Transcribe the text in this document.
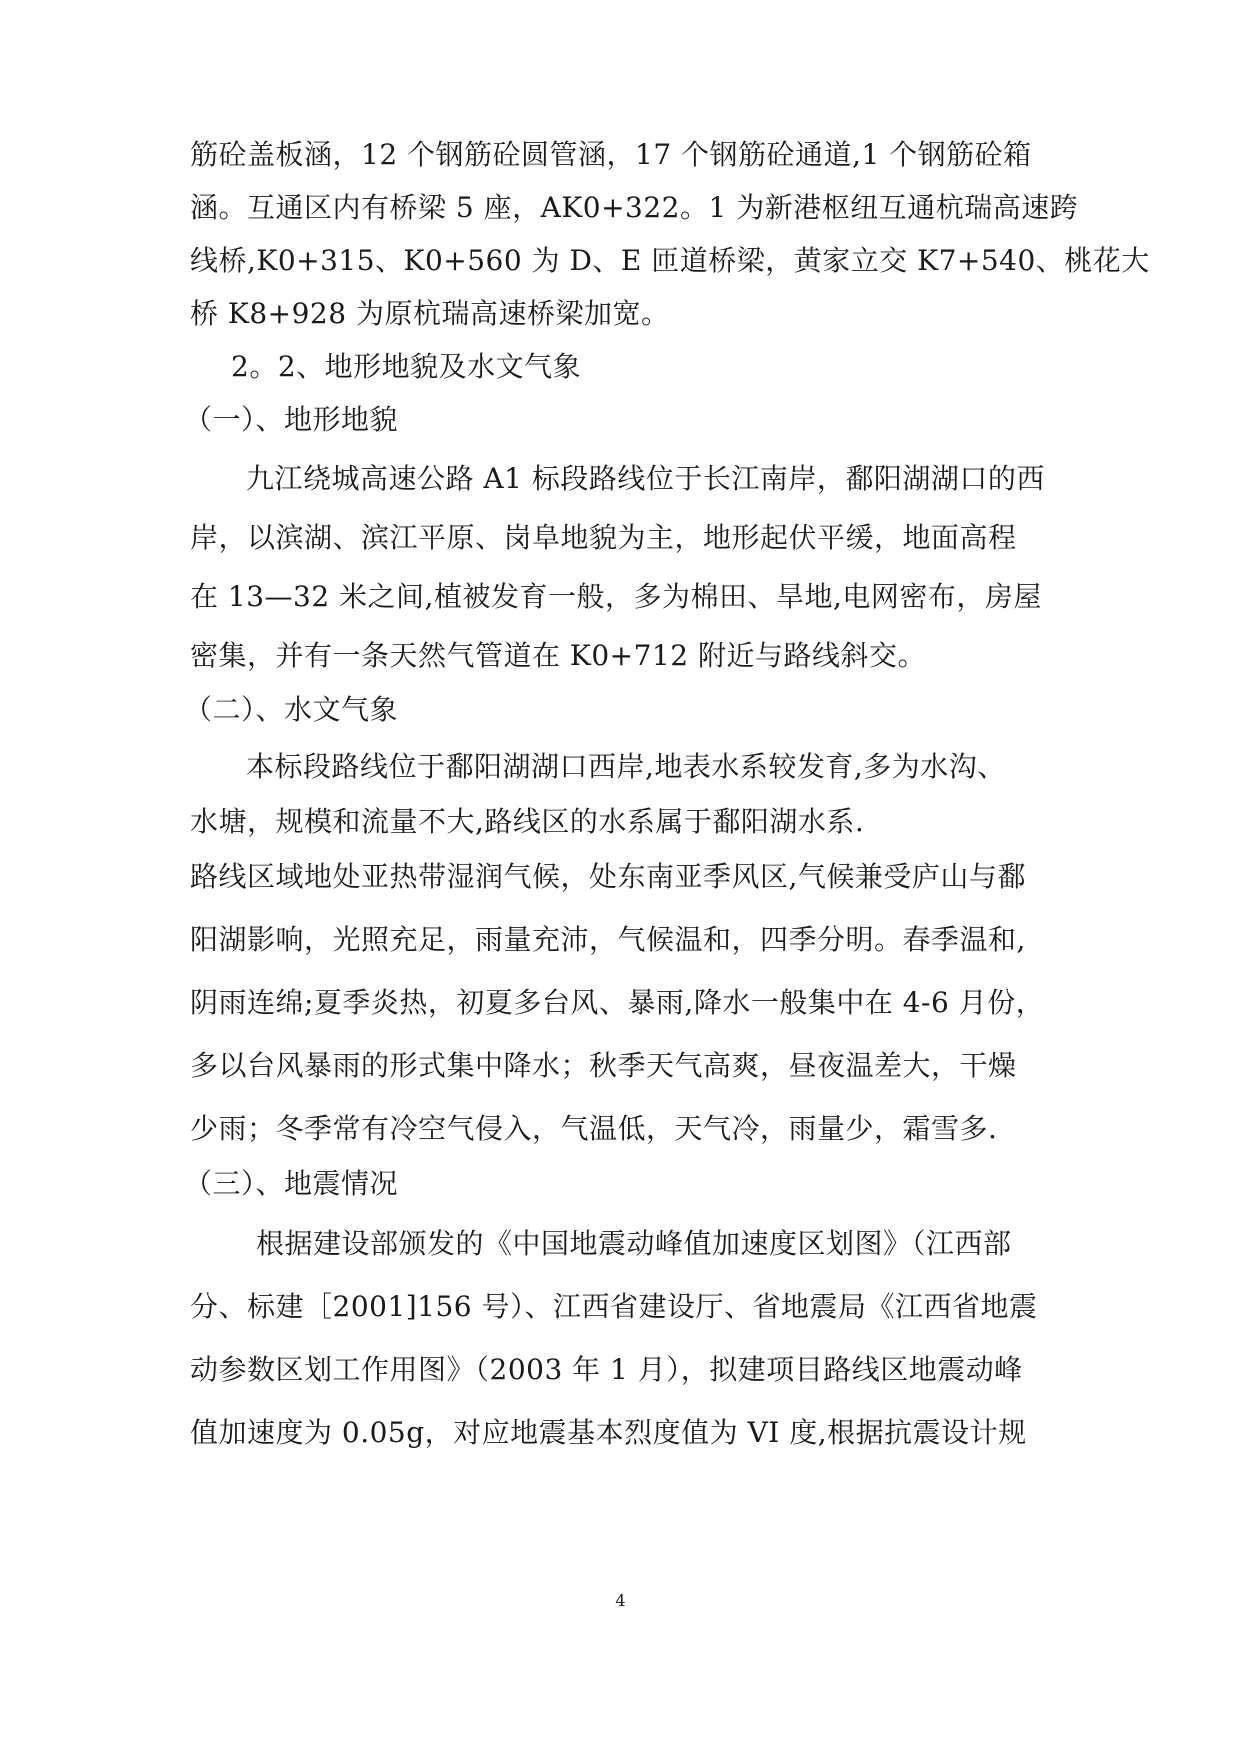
筋砼盖板涵，12 个钢筋砼圆管涵，17 个钢筋砼通道,1 个钢筋砼箱
涵。互通区内有桥梁 5 座，AK0+322。1 为新港枢纽互通杭瑞高速跨
线桥,K0+315、K0+560 为 D、E 匝道桥梁，黄家立交 K7+540、桃花大
桥 K8+928 为原杭瑞高速桥梁加宽。
2。2、地形地貌及水文气象
（一）、地形地貌
九江绕城高速公路 A1 标段路线位于长江南岸，鄱阳湖湖口的西
岸，以滨湖、滨江平原、岗阜地貌为主，地形起伏平缓，地面高程
在 13—32 米之间,植被发育一般，多为棉田、旱地,电网密布，房屋
密集，并有一条天然气管道在 K0+712 附近与路线斜交。
（二）、水文气象
本标段路线位于鄱阳湖湖口西岸,地表水系较发育,多为水沟、
水塘，规模和流量不大,路线区的水系属于鄱阳湖水系.
路线区域地处亚热带湿润气候，处东南亚季风区,气候兼受庐山与鄱
阳湖影响，光照充足，雨量充沛，气候温和，四季分明。春季温和,
阴雨连绵;夏季炎热，初夏多台风、暴雨,降水一般集中在 4-6 月份，
多以台风暴雨的形式集中降水；秋季天气高爽，昼夜温差大，干燥
少雨；冬季常有冷空气侵入，气温低，天气冷，雨量少，霜雪多.
（三）、地震情况
根据建设部颁发的《中国地震动峰值加速度区划图》（江西部
分、标建［2001]156 号）、江西省建设厅、省地震局《江西省地震
动参数区划工作用图》（2003 年 1 月），拟建项目路线区地震动峰
值加速度为 0.05g，对应地震基本烈度值为 VI 度,根据抗震设计规
4
